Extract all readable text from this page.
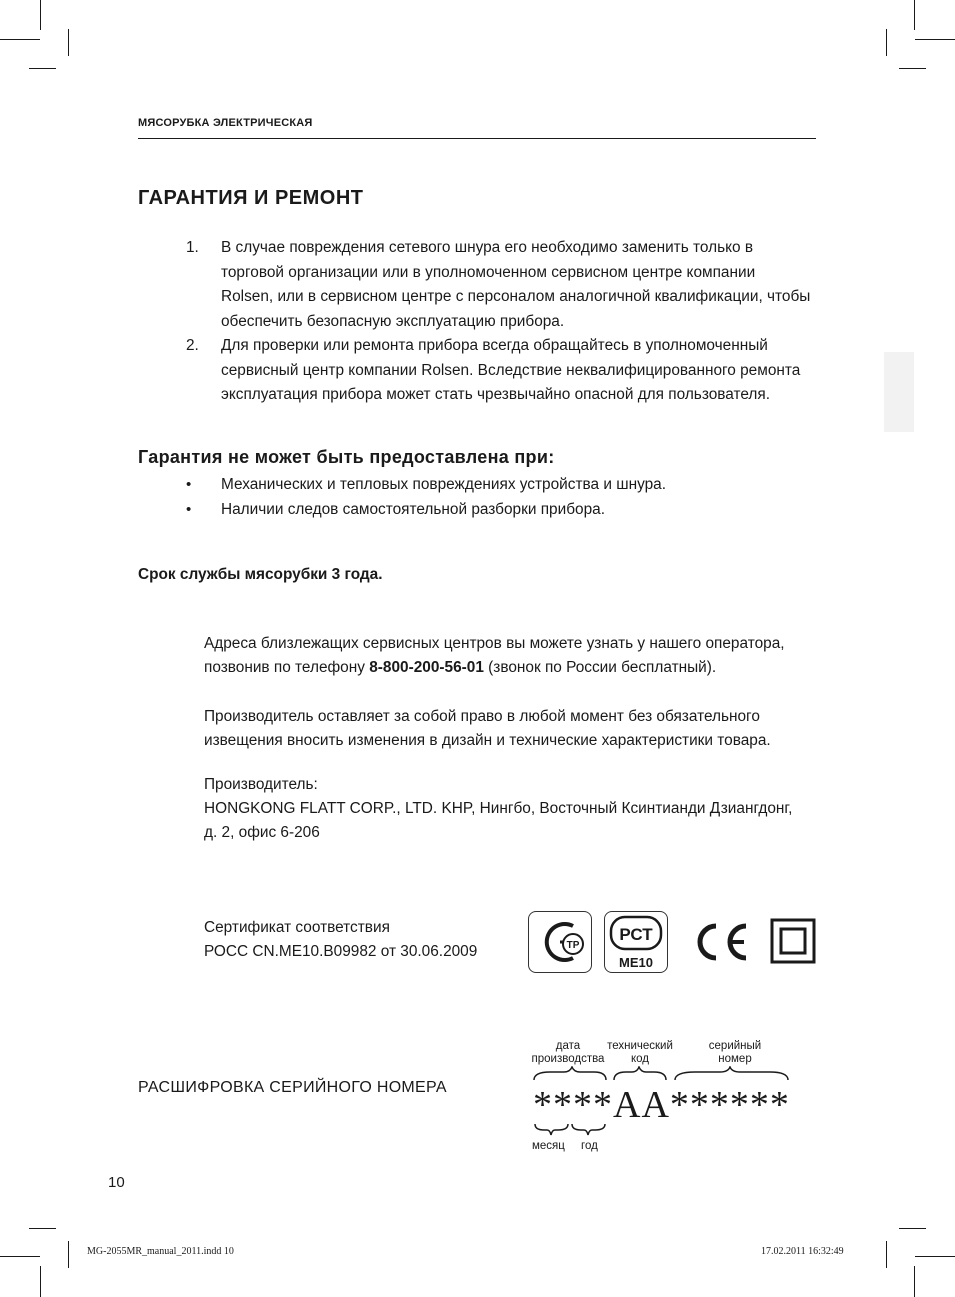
МЯСОРУБКА ЭЛЕКТРИЧЕСКАЯ
ГАРАНТИЯ И РЕМОНТ
1. В случае повреждения сетевого шнура его необходимо заменить только в
торговой организации или в уполномоченном сервисном центре компании
Rolsen, или в сервисном центре с персоналом аналогичной квалификации, чтобы
обеспечить безопасную эксплуатацию прибора.
2. Для проверки или ремонта прибора всегда обращайтесь в уполномоченный
сервисный центр компании Rolsen. Вследствие неквалифицированного ремонта
эксплуатация прибора может стать чрезвычайно опасной для пользователя.
Гарантия не может быть предоставлена при:
• Механических и тепловых повреждениях устройства и шнура.
• Наличии следов самостоятельной разборки прибора.
Срок службы мясорубки 3 года.
Адреса близлежащих сервисных центров вы можете узнать у нашего оператора,
позвонив по телефону 8-800-200-56-01 (звонок по России бесплатный).
Производитель оставляет за собой право в любой момент без обязательного
извещения вносить изменения в дизайн и технические характеристики товара.
Производитель:
HONGKONG FLATT CORP., LTD. KHP, Нингбо, Восточный Ксинтианди Дзиангдонг,
д. 2, офис 6-206
Сертификат соответствия
РОСС CN.ME10.B09982 от 30.06.2009	ТР
РСТ
ME10
РАСШИФРОВКА СЕРИЙНОГО НОМЕРА
дата
производства
технический
код
серийный
номер
****AA******
месяц год
10
MG-2055MR_manual_2011.indd 10	17.02.2011 16:32:49
